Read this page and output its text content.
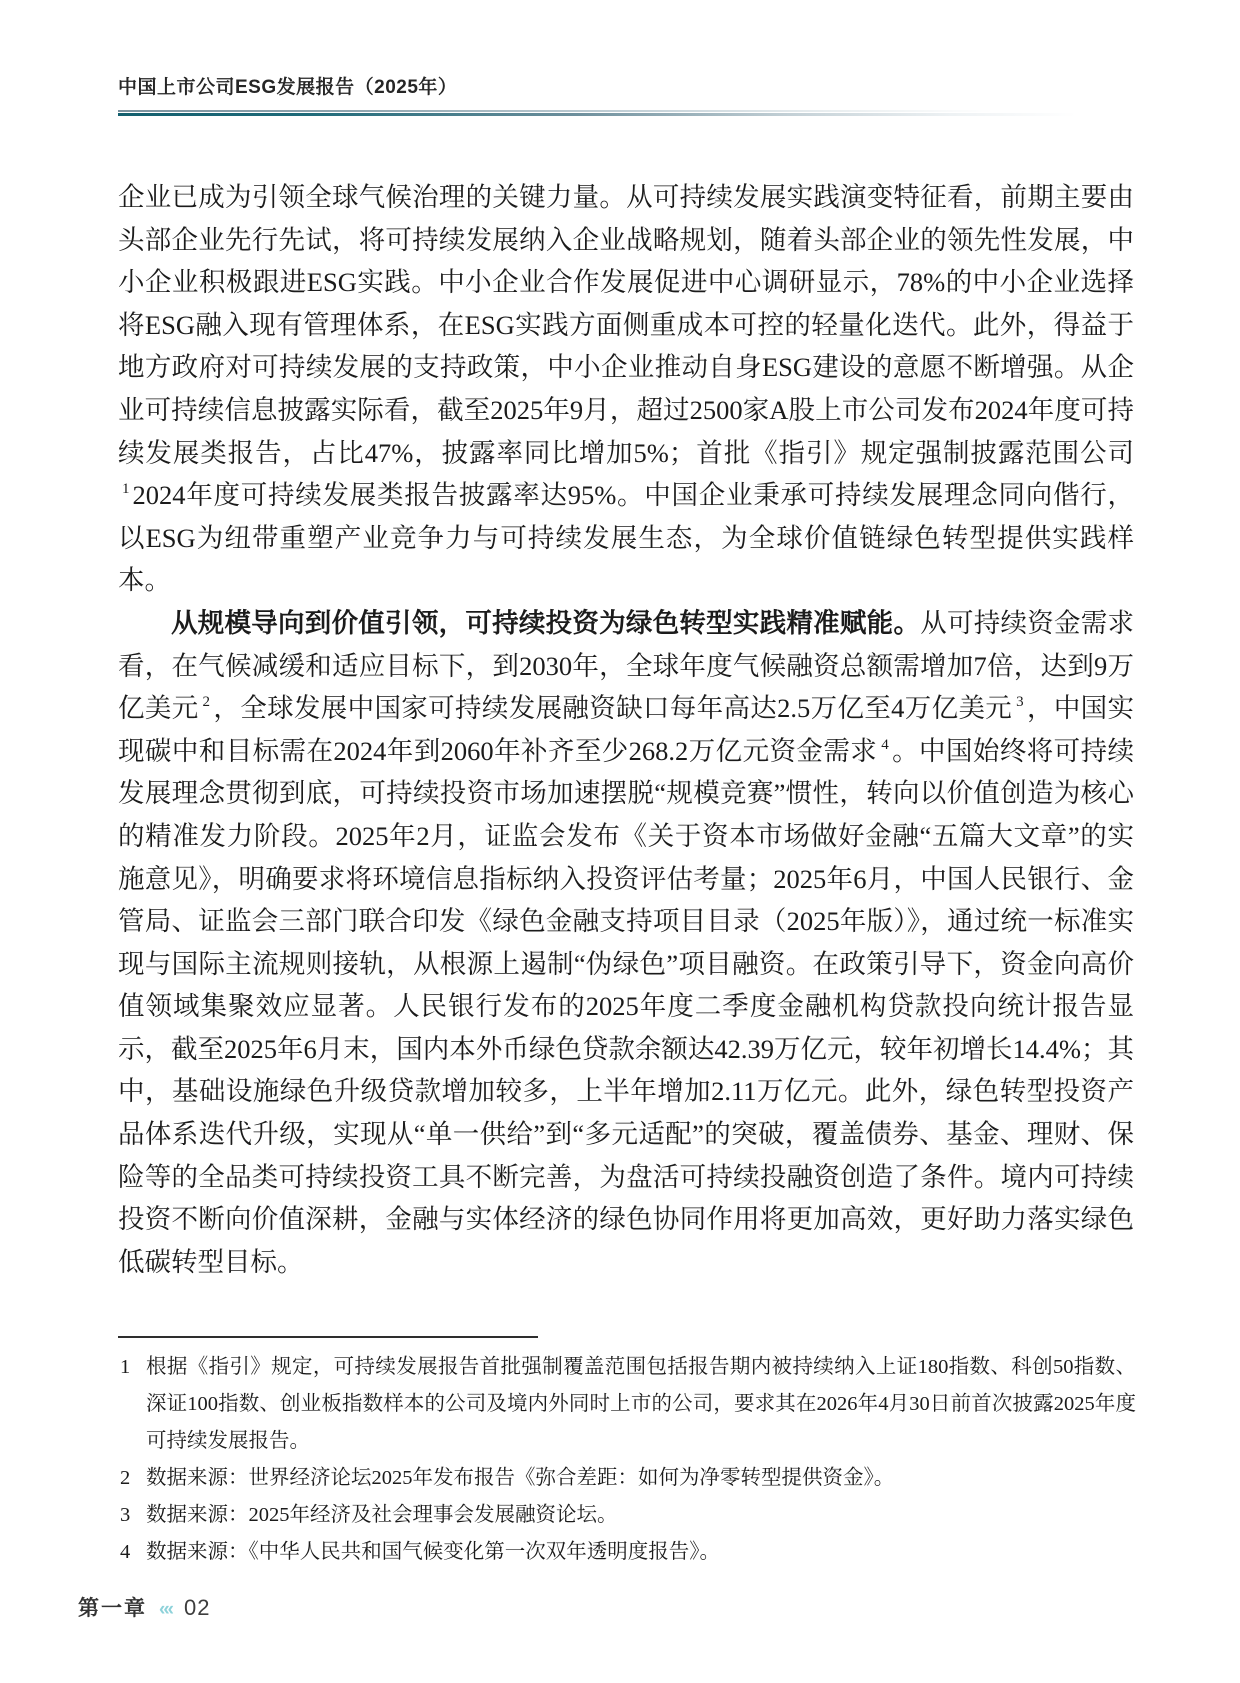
中国上市公司ESG发展报告（2025年）

企业已成为引领全球气候治理的关键力量。从可持续发展实践演变特征看，前期主要由头部企业先行先试，将可持续发展纳入企业战略规划，随着头部企业的领先性发展，中小企业积极跟进ESG实践。中小企业合作发展促进中心调研显示，78%的中小企业选择将ESG融入现有管理体系，在ESG实践方面侧重成本可控的轻量化迭代。此外，得益于地方政府对可持续发展的支持政策，中小企业推动自身ESG建设的意愿不断增强。从企业可持续信息披露实际看，截至2025年9月，超过2500家A股上市公司发布2024年度可持续发展类报告，占比47%，披露率同比增加5%；首批《指引》规定强制披露范围公司$^1$ 2024年度可持续发展类报告披露率达95%。中国企业秉承可持续发展理念同向偕行，以ESG为纽带重塑产业竞争力与可持续发展生态，为全球价值链绿色转型提供实践样本。

从规模导向到价值引领，可持续投资为绿色转型实践精准赋能。从可持续资金需求看，在气候减缓和适应目标下，到2030年，全球年度气候融资总额需增加7倍，达到9万亿美元 $^2$ ，全球发展中国家可持续发展融资缺口每年高达2.5万亿至4万亿美元 $^3$ ，中国实现碳中和目标需在2024年到2060年补齐至少268.2万亿元资金需求 $^4$ 。中国始终将可持续发展理念贯彻到底，可持续投资市场加速摆脱“规模竞赛”惯性，转向以价值创造为核心的精准发力阶段。2025年2月，证监会发布《关于资本市场做好金融“五篇大文章”的实施意见》，明确要求将环境信息指标纳入投资评估考量；2025年6月，中国人民银行、金管局、证监会三部门联合印发《绿色金融支持项目目录（2025年版）》，通过统一标准实现与国际主流规则接轨，从根源上遏制“伪绿色”项目融资。在政策引导下，资金向高价值领域集聚效应显著。人民银行发布的2025年度二季度金融机构贷款投向统计报告显示，截至2025年6月末，国内本外币绿色贷款余额达42.39万亿元，较年初增长14.4%；其中，基础设施绿色升级贷款增加较多，上半年增加2.11万亿元。此外，绿色转型投资产品体系迭代升级，实现从“单一供给”到“多元适配”的突破，覆盖债券、基金、理财、保险等的全品类可持续投资工具不断完善，为盘活可持续投融资创造了条件。境内可持续投资不断向价值深耕，金融与实体经济的绿色协同作用将更加高效，更好助力落实绿色低碳转型目标。

1 根据《指引》规定，可持续发展报告首批强制覆盖范围包括报告期内被持续纳入上证180指数、科创50指数、深证100指数、创业板指数样本的公司及境内外同时上市的公司，要求其在2026年4月30日前首次披露2025年度可持续发展报告。
2 数据来源：世界经济论坛2025年发布报告《弥合差距：如何为净零转型提供资金》。
3 数据来源：2025年经济及社会理事会发展融资论坛。
4 数据来源：《中华人民共和国气候变化第一次双年透明度报告》。
第一章 ‹‹‹ 02
